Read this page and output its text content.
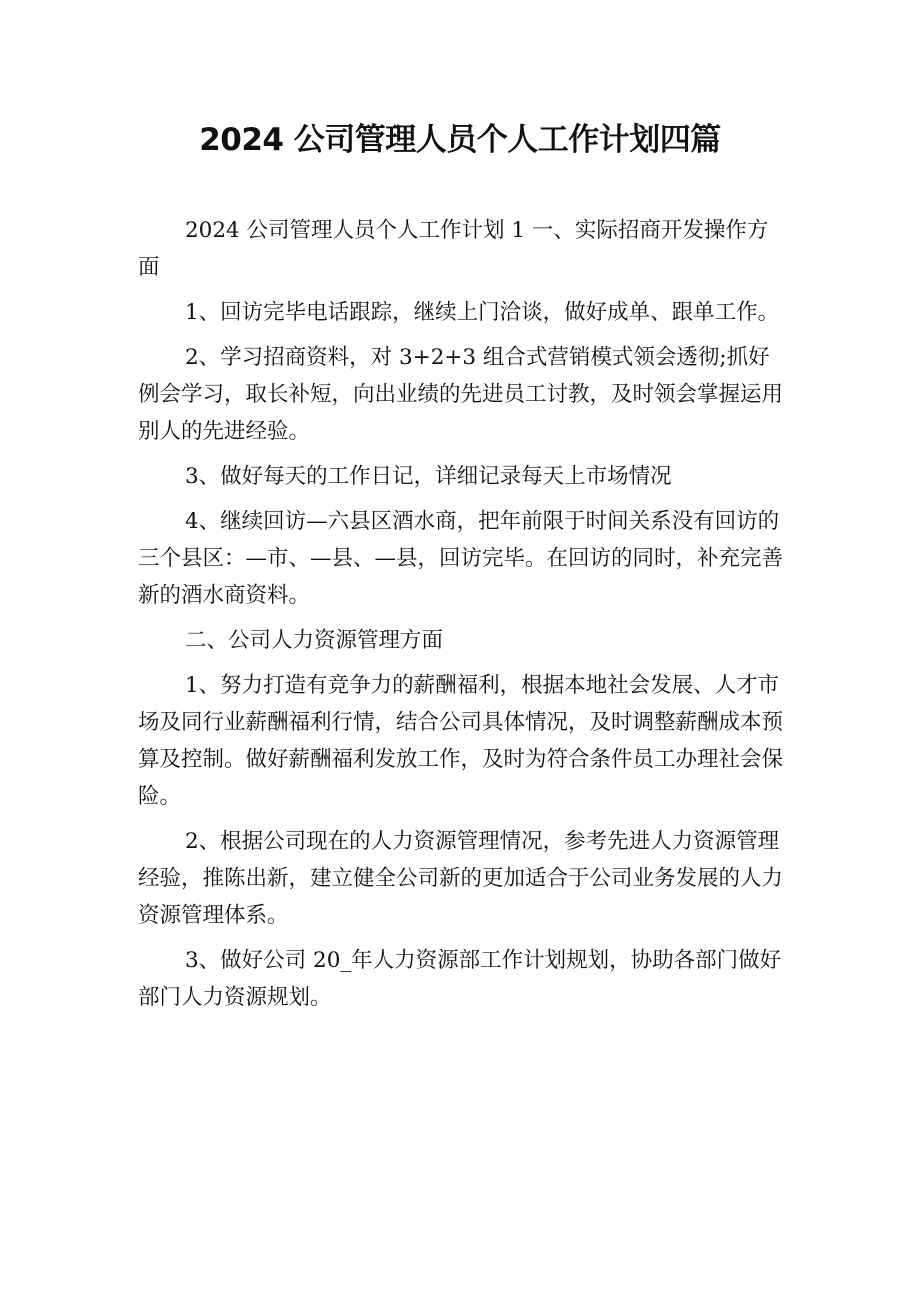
2024 公司管理人员个人工作计划四篇

2024 公司管理人员个人工作计划 1 一、实际招商开发操作方面

1、回访完毕电话跟踪，继续上门洽谈，做好成单、跟单工作。

2、学习招商资料，对 3+2+3 组合式营销模式领会透彻;抓好例会学习，取长补短，向出业绩的先进员工讨教，及时领会掌握运用别人的先进经验。

3、做好每天的工作日记，详细记录每天上市场情况

4、继续回访—六县区酒水商，把年前限于时间关系没有回访的三个县区：—市、—县、—县，回访完毕。在回访的同时，补充完善新的酒水商资料。

二、公司人力资源管理方面

1、努力打造有竞争力的薪酬福利，根据本地社会发展、人才市场及同行业薪酬福利行情，结合公司具体情况，及时调整薪酬成本预算及控制。做好薪酬福利发放工作，及时为符合条件员工办理社会保险。

2、根据公司现在的人力资源管理情况，参考先进人力资源管理经验，推陈出新，建立健全公司新的更加适合于公司业务发展的人力资源管理体系。

3、做好公司 20_年人力资源部工作计划规划，协助各部门做好部门人力资源规划。
